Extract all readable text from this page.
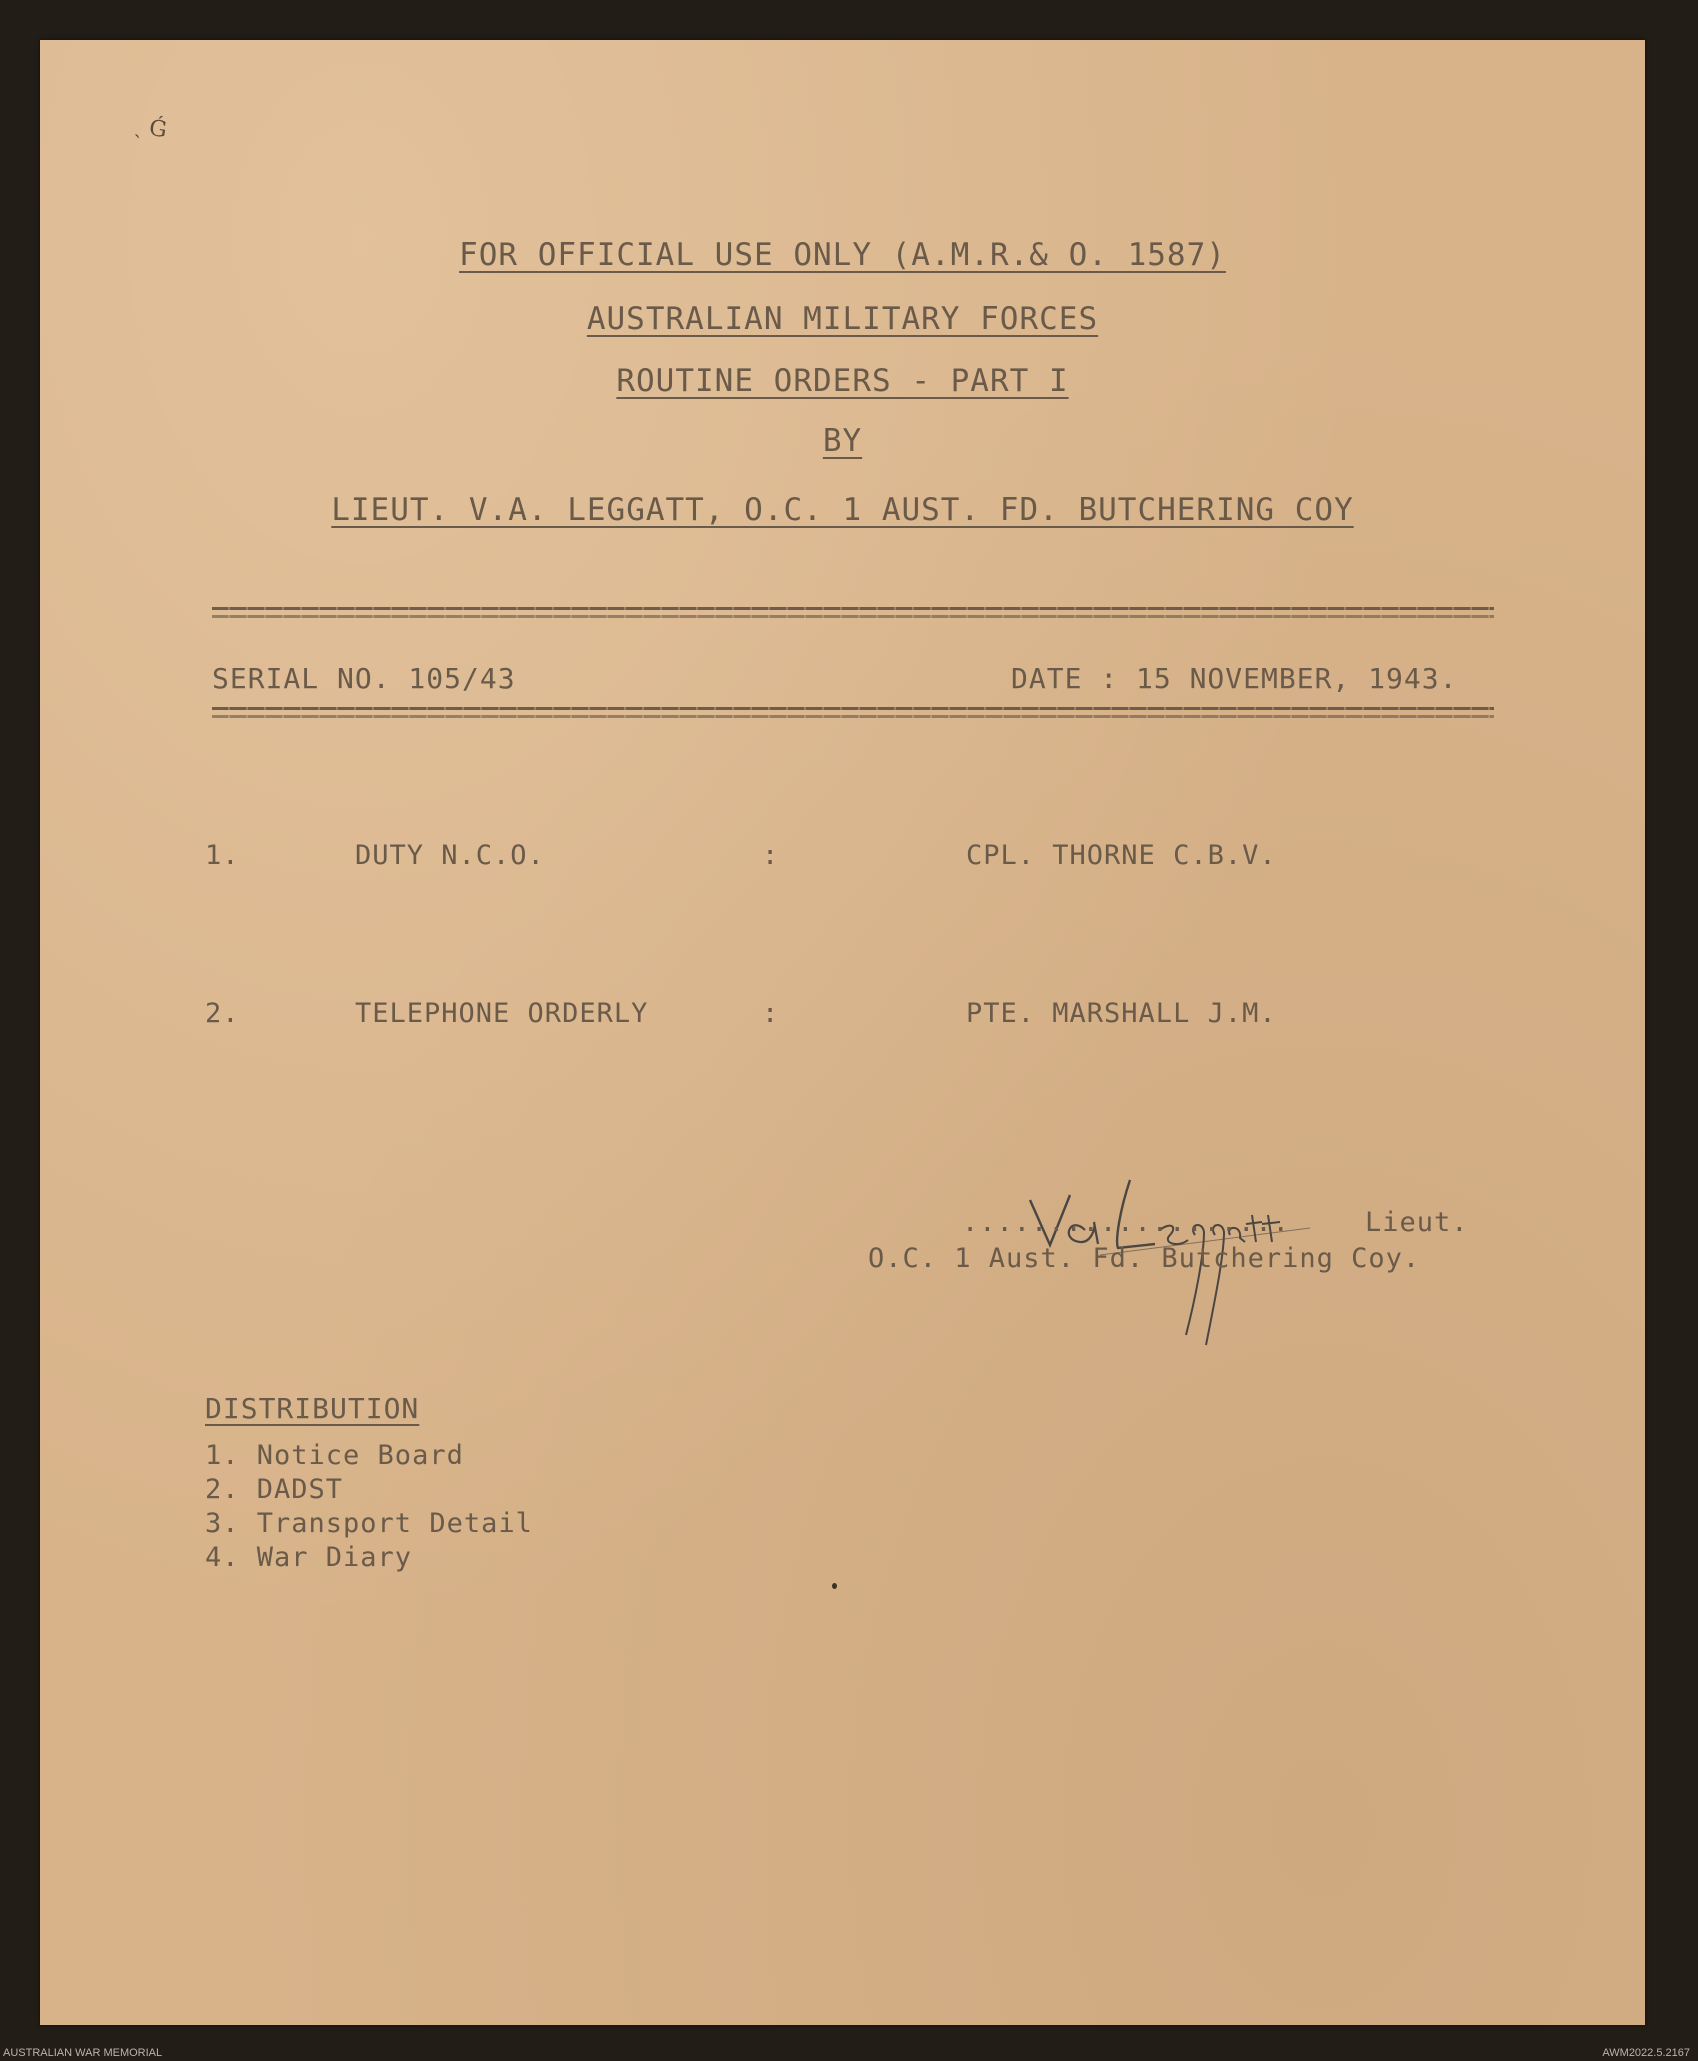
ˎ Ǵ
FOR OFFICIAL USE ONLY (A.M.R.& O. 1587)
AUSTRALIAN MILITARY FORCES
ROUTINE ORDERS - PART I
BY
LIEUT. V.A. LEGGATT, O.C. 1 AUST. FD. BUTCHERING COY
SERIAL NO. 105/43	DATE : 15 NOVEMBER, 1943.
1.	DUTY N.C.O.	:	CPL. THORNE C.B.V.
2.	TELEPHONE ORDERLY	:	PTE. MARSHALL J.M.
...................	Lieut.
O.C. 1 Aust. Fd. Butchering Coy.
DISTRIBUTION
1. Notice Board
2. DADST
3. Transport Detail
4. War Diary
AUSTRALIAN WAR MEMORIAL	AWM2022.5.2167
